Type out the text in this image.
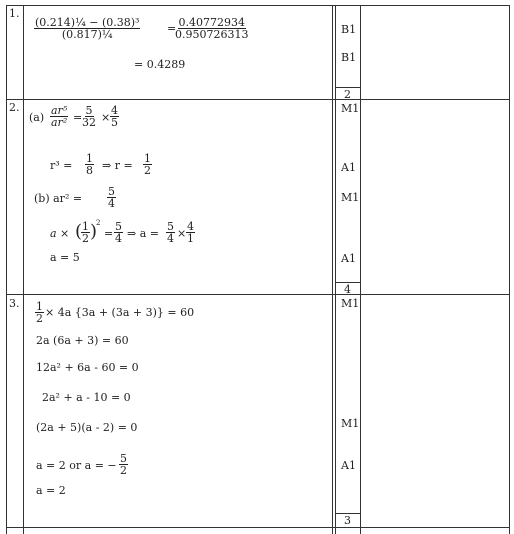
1.
$\frac{\text{(0.214)¼ − (0.38)³}}{\text{(0.817)¼}}$ =
$\frac{0.40772934}{0.950726313}$
= 0.4289
B1
B1
2
2.
$(a) \frac{\text{ar⁵}}{\text{ar²}} = \frac{5}{32} \times \frac{4}{5}$
$r^3 = \frac{1}{8}$ ⇒ $r = \frac{1}{2}$
(b) $ar^2 = \frac{5}{4}$
a × (
$\frac{1}{2}$ )
2
= $\frac{5}{4}$ ⇒ $a = \frac{5}{4} \times \frac{4}{1}$
a = 5
M1
A1
M1
A1
4
3. $\frac{1}{2} \times 4a$ {3a + (3a + 3)} = 60
2a (6a + 3) = 60
12a² + 6a - 60 = 0
2a² + a - 10 = 0
(2a + 5)(a - 2) = 0
a = 2 or a = − $\frac{5}{2}$
a = 2
M1
M1
A1
3
